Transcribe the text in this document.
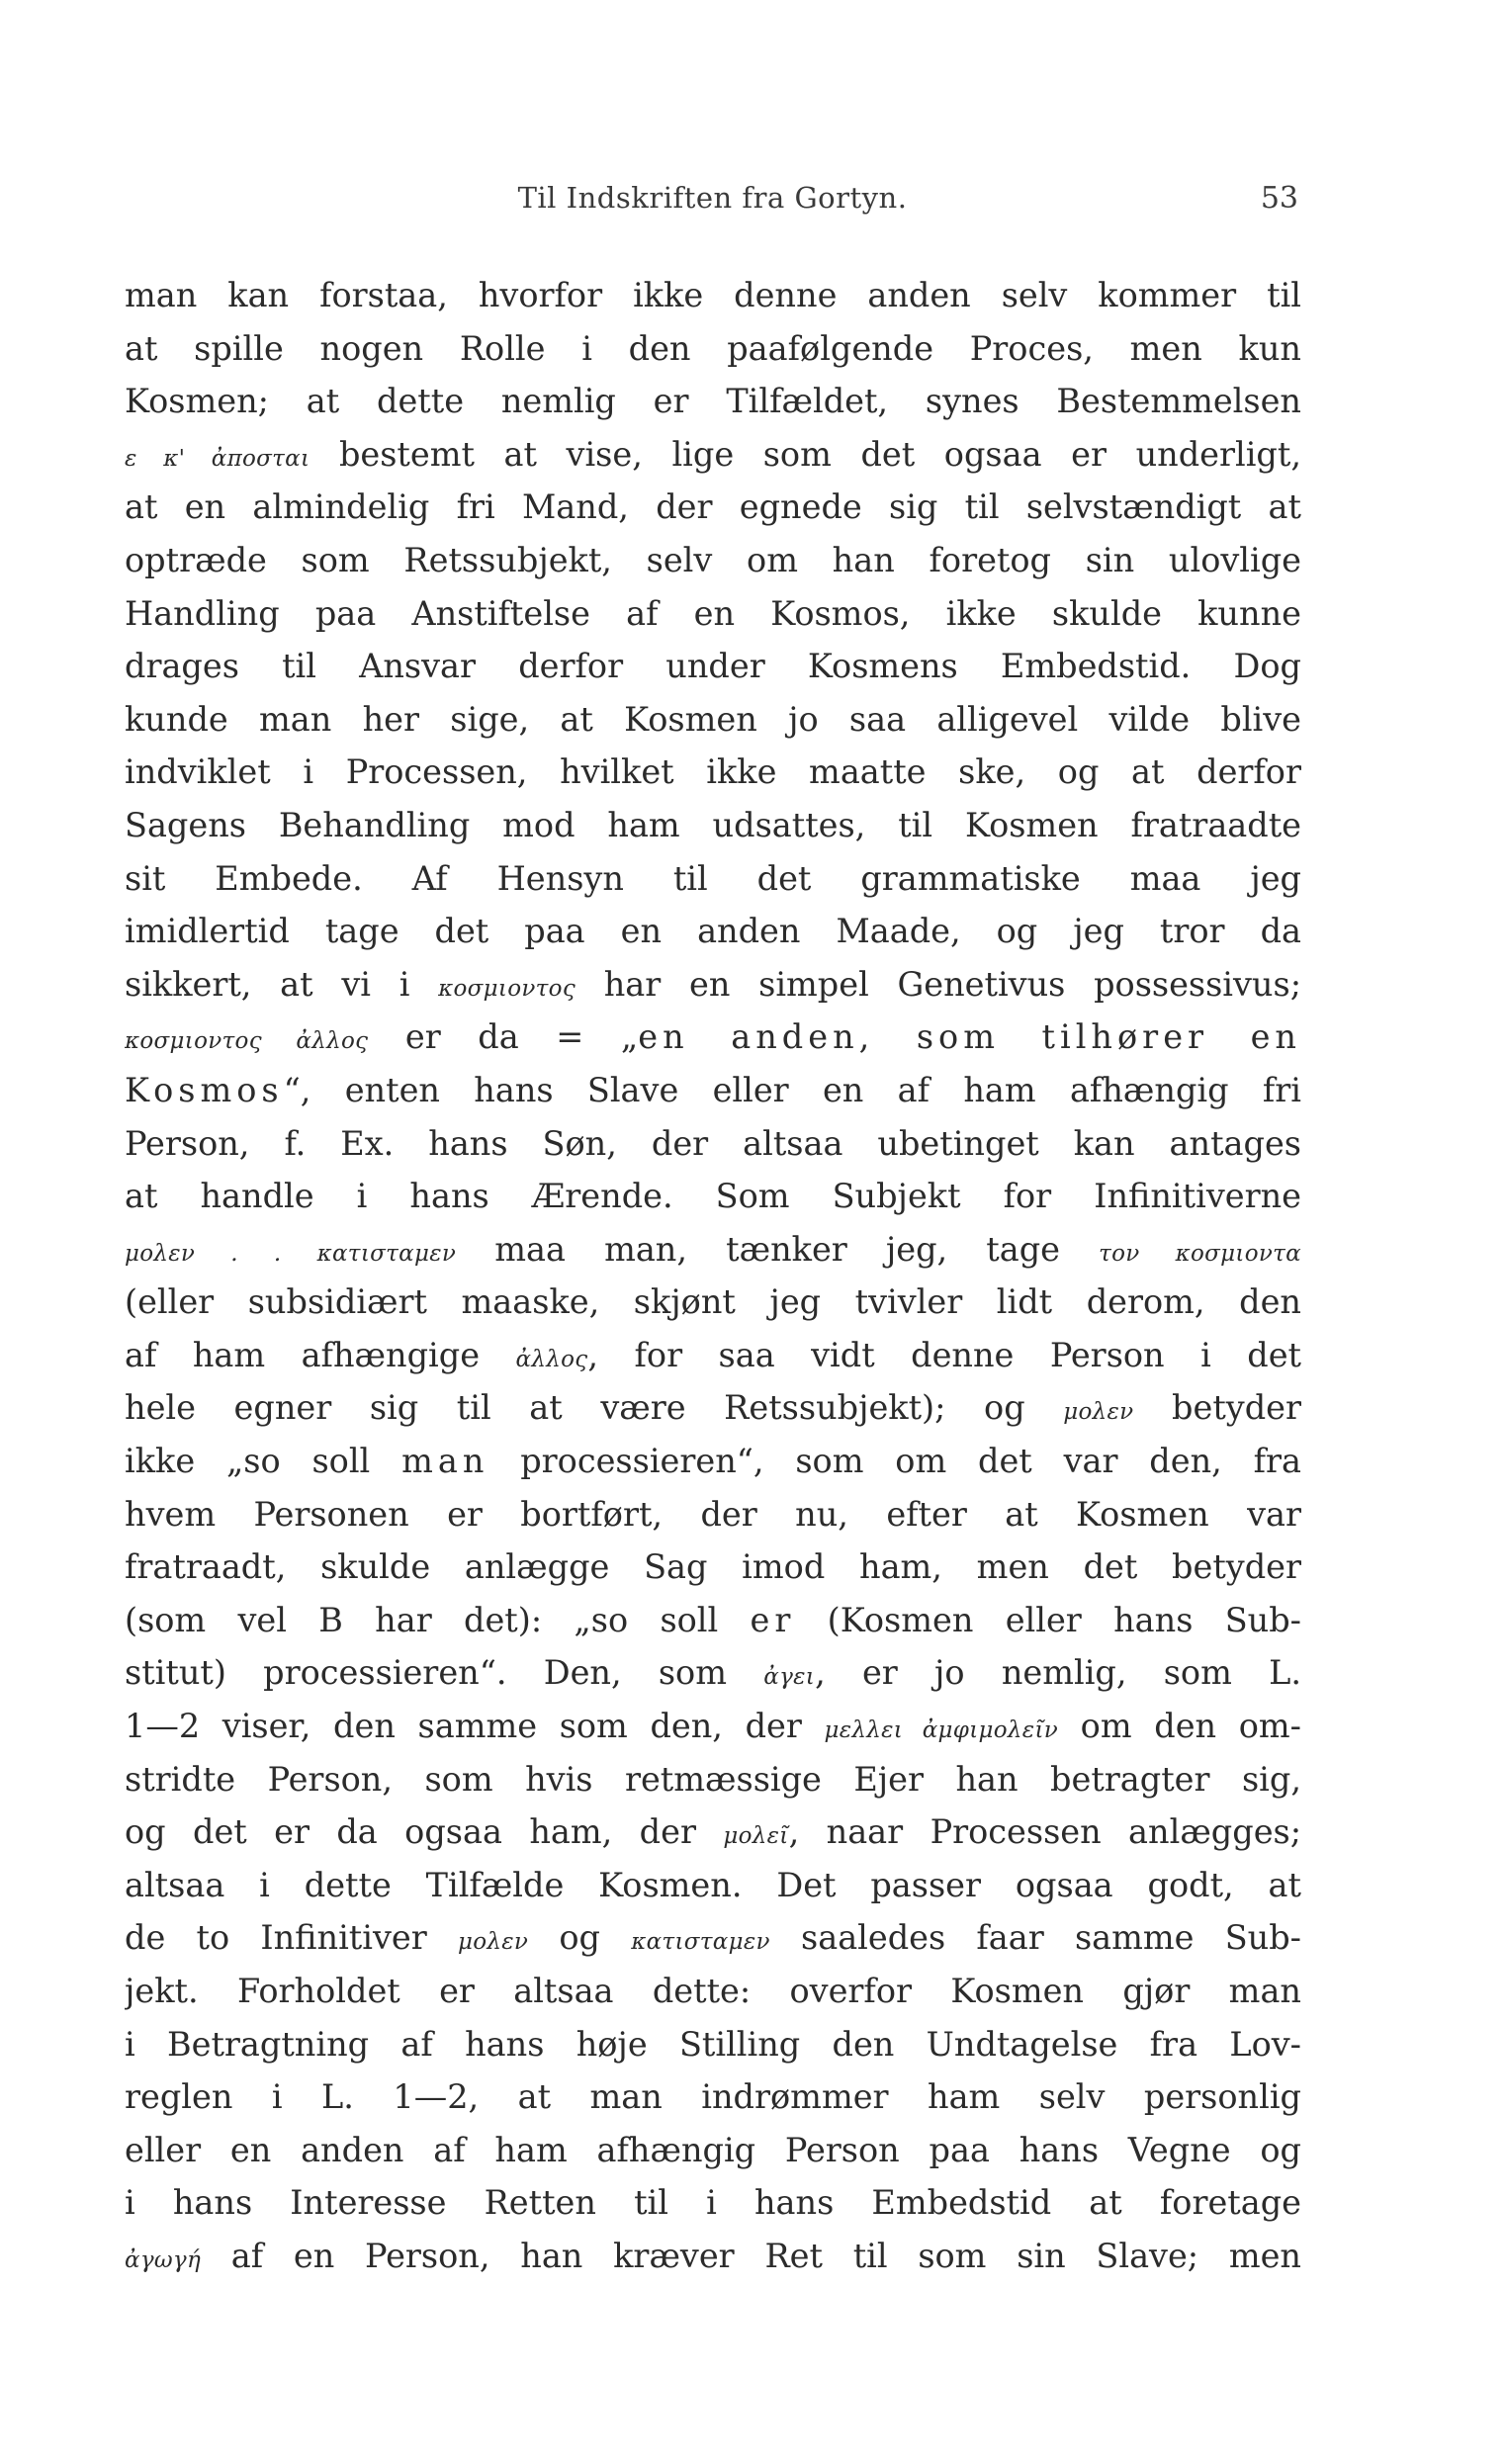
Til Indskriften fra Gortyn.	53
man kan forstaa, hvorfor ikke denne anden selv kommer til
at spille nogen Rolle i den paafølgende Proces, men kun
Kosmen; at dette nemlig er Tilfældet, synes Bestemmelsen
ε κ' ἀποσται bestemt at vise, lige som det ogsaa er underligt,
at en almindelig fri Mand, der egnede sig til selvstændigt at
optræde som Retssubjekt, selv om han foretog sin ulovlige
Handling paa Anstiftelse af en Kosmos, ikke skulde kunne
drages til Ansvar derfor under Kosmens Embedstid. Dog
kunde man her sige, at Kosmen jo saa alligevel vilde blive
indviklet i Processen, hvilket ikke maatte ske, og at derfor
Sagens Behandling mod ham udsattes, til Kosmen fratraadte
sit Embede. Af Hensyn til det grammatiske maa jeg
imidlertid tage det paa en anden Maade, og jeg tror da
sikkert, at vi i κοσμιοντος har en simpel Genetivus possessivus;
κοσμιοντος ἀλλος er da = „en anden, som tilhører en
Kosmos“, enten hans Slave eller en af ham afhængig fri
Person, f. Ex. hans Søn, der altsaa ubetinget kan antages
at handle i hans Ærende. Som Subjekt for Infinitiverne
μολεν . . κατισταμεν maa man, tænker jeg, tage τον κοσμιοντα
(eller subsidiært maaske, skjønt jeg tvivler lidt derom, den
af ham afhængige ἀλλος, for saa vidt denne Person i det
hele egner sig til at være Retssubjekt); og μολεν betyder
ikke „so soll man processieren“, som om det var den, fra
hvem Personen er bortført, der nu, efter at Kosmen var
fratraadt, skulde anlægge Sag imod ham, men det betyder
(som vel B har det): „so soll er (Kosmen eller hans Sub-
stitut) processieren“. Den, som ἀγει, er jo nemlig, som L.
1—2 viser, den samme som den, der μελλει ἀμφιμολεῖν om den om-
stridte Person, som hvis retmæssige Ejer han betragter sig,
og det er da ogsaa ham, der μολεῖ, naar Processen anlægges;
altsaa i dette Tilfælde Kosmen. Det passer ogsaa godt, at
de to Infinitiver μολεν og κατισταμεν saaledes faar samme Sub-
jekt. Forholdet er altsaa dette: overfor Kosmen gjør man
i Betragtning af hans høje Stilling den Undtagelse fra Lov-
reglen i L. 1—2, at man indrømmer ham selv personlig
eller en anden af ham afhængig Person paa hans Vegne og
i hans Interesse Retten til i hans Embedstid at foretage
ἀγωγή af en Person, han kræver Ret til som sin Slave; men
